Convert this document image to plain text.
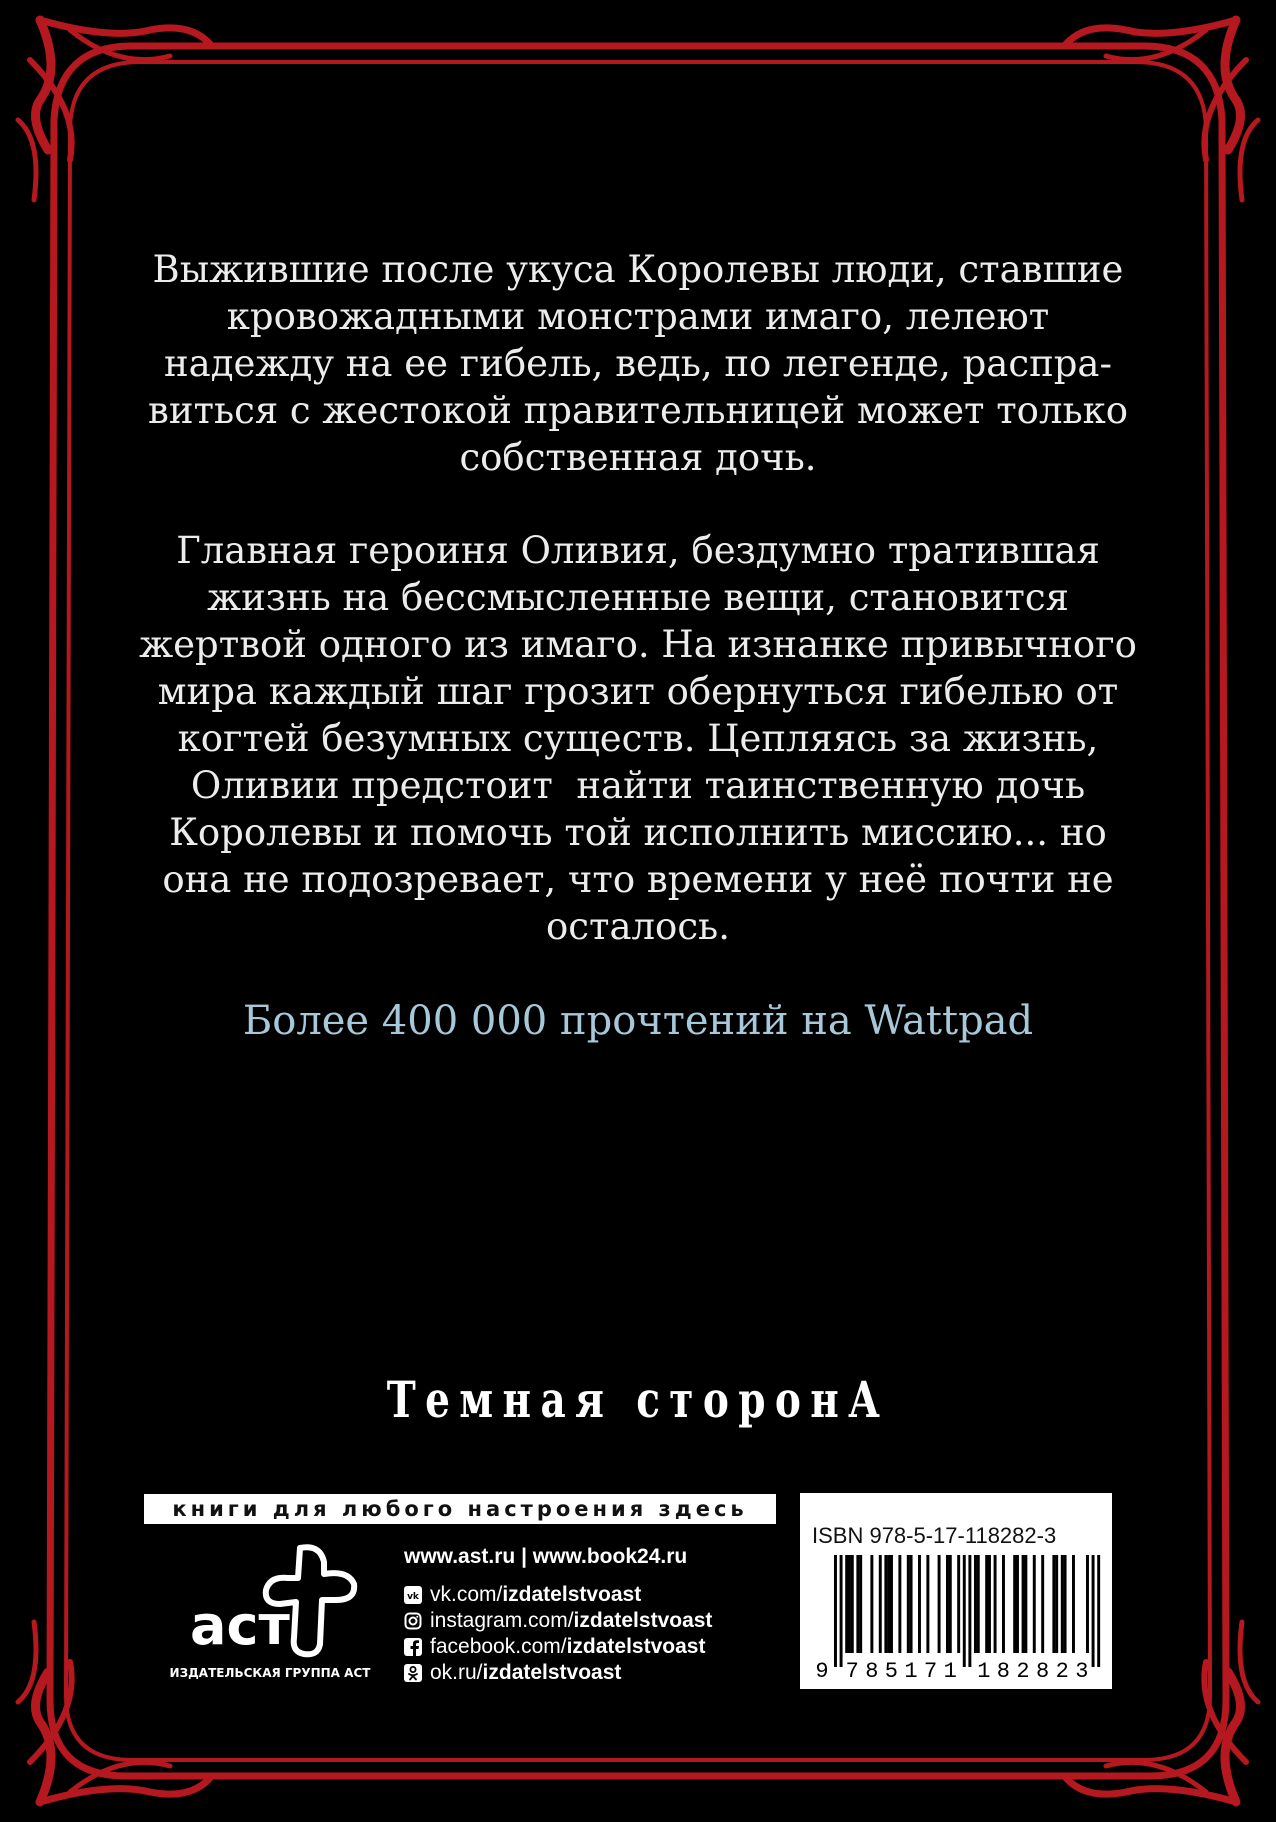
Выжившие после укуса Королевы люди, ставшие
кровожадными монстрами имаго, лелеют
надежду на ее гибель, ведь, по легенде, распра-
виться с жестокой правительницей может только
собственная дочь.
Главная героиня Оливия, бездумно тратившая
жизнь на бессмысленные вещи, становится
жертвой одного из имаго. На изнанке привычного
мира каждый шаг грозит обернуться гибелью от
когтей безумных существ. Цепляясь за жизнь,
Оливии предстоит  найти таинственную дочь
Королевы и помочь той исполнить миссию... но
она не подозревает, что времени у неё почти не
осталось.
Более 400 000 прочтений на Wattpad
Темная сторонА
книги для любого настроения здесь
аст
ИЗДАТЕЛЬСКАЯ ГРУППА АСТ
www.ast.ru | www.book24.ru
vk vk.com/ izdatelstvoast
instagram.com/ izdatelstvoast
facebook.com/ izdatelstvoast
ok.ru/ izdatelstvoast
ISBN 978-5-17-118282-3
9 7 8 5 1 7 1 1 8 2 8 2 3
